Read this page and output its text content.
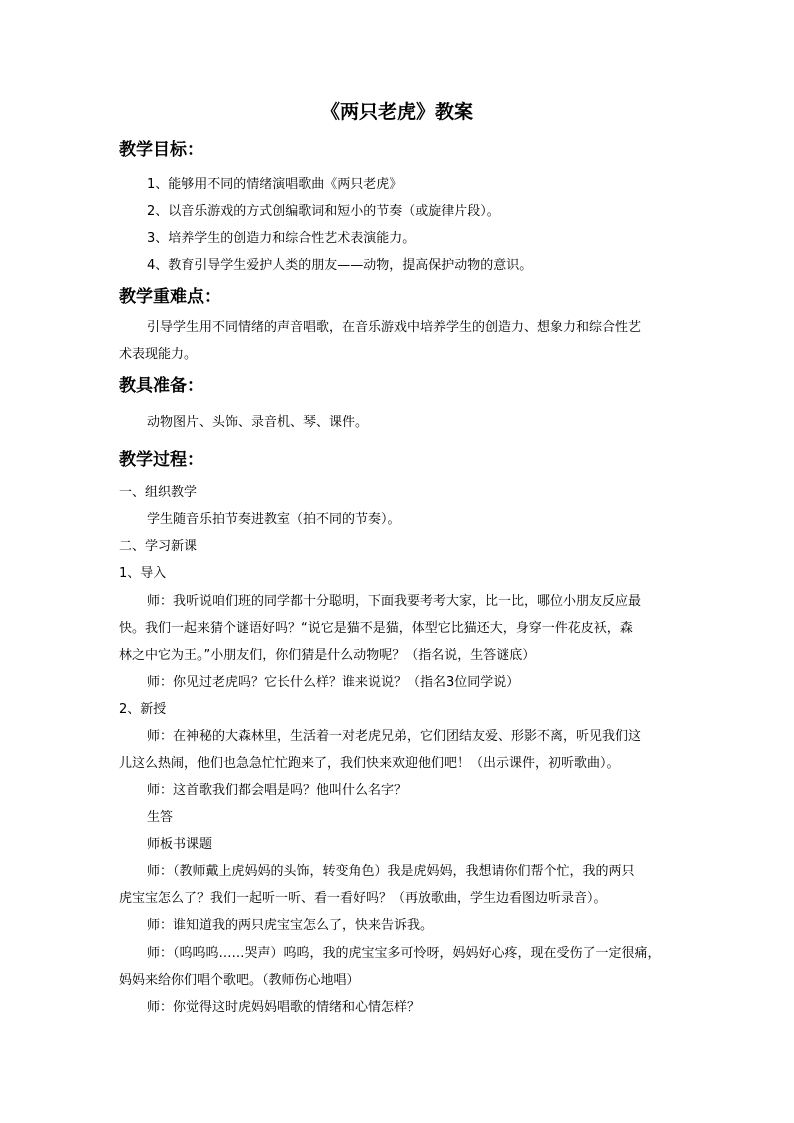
《两只老虎》教案
教学目标：
1、能够用不同的情绪演唱歌曲《两只老虎》
2、以音乐游戏的方式创编歌词和短小的节奏（或旋律片段）。
3、培养学生的创造力和综合性艺术表演能力。
4、教育引导学生爱护人类的朋友——动物，提高保护动物的意识。
教学重难点：
引导学生用不同情绪的声音唱歌，在音乐游戏中培养学生的创造力、想象力和综合性艺
术表现能力。
教具准备：
动物图片、头饰、录音机、琴、课件。
教学过程：
一、组织教学
学生随音乐拍节奏进教室（拍不同的节奏）。
二、学习新课
1、导入
师：我听说咱们班的同学都十分聪明，下面我要考考大家，比一比，哪位小朋友反应最
快。我们一起来猜个谜语好吗？“说它是猫不是猫，体型它比猫还大，身穿一件花皮袄，森
林之中它为王。”小朋友们，你们猜是什么动物呢？（指名说，生答谜底）
师：你见过老虎吗？它长什么样？谁来说说？（指名3位同学说）
2、新授
师：在神秘的大森林里，生活着一对老虎兄弟，它们团结友爱、形影不离，听见我们这
儿这么热闹，他们也急急忙忙跑来了，我们快来欢迎他们吧！（出示课件，初听歌曲）。
师：这首歌我们都会唱是吗？他叫什么名字？
生答
师板书课题
师：（教师戴上虎妈妈的头饰，转变角色）我是虎妈妈，我想请你们帮个忙，我的两只
虎宝宝怎么了？我们一起听一听、看一看好吗？（再放歌曲，学生边看图边听录音）。
师：谁知道我的两只虎宝宝怎么了，快来告诉我。
师：（呜呜呜……哭声）呜呜，我的虎宝宝多可怜呀，妈妈好心疼，现在受伤了一定很痛，
妈妈来给你们唱个歌吧。（教师伤心地唱）
师：你觉得这时虎妈妈唱歌的情绪和心情怎样？
